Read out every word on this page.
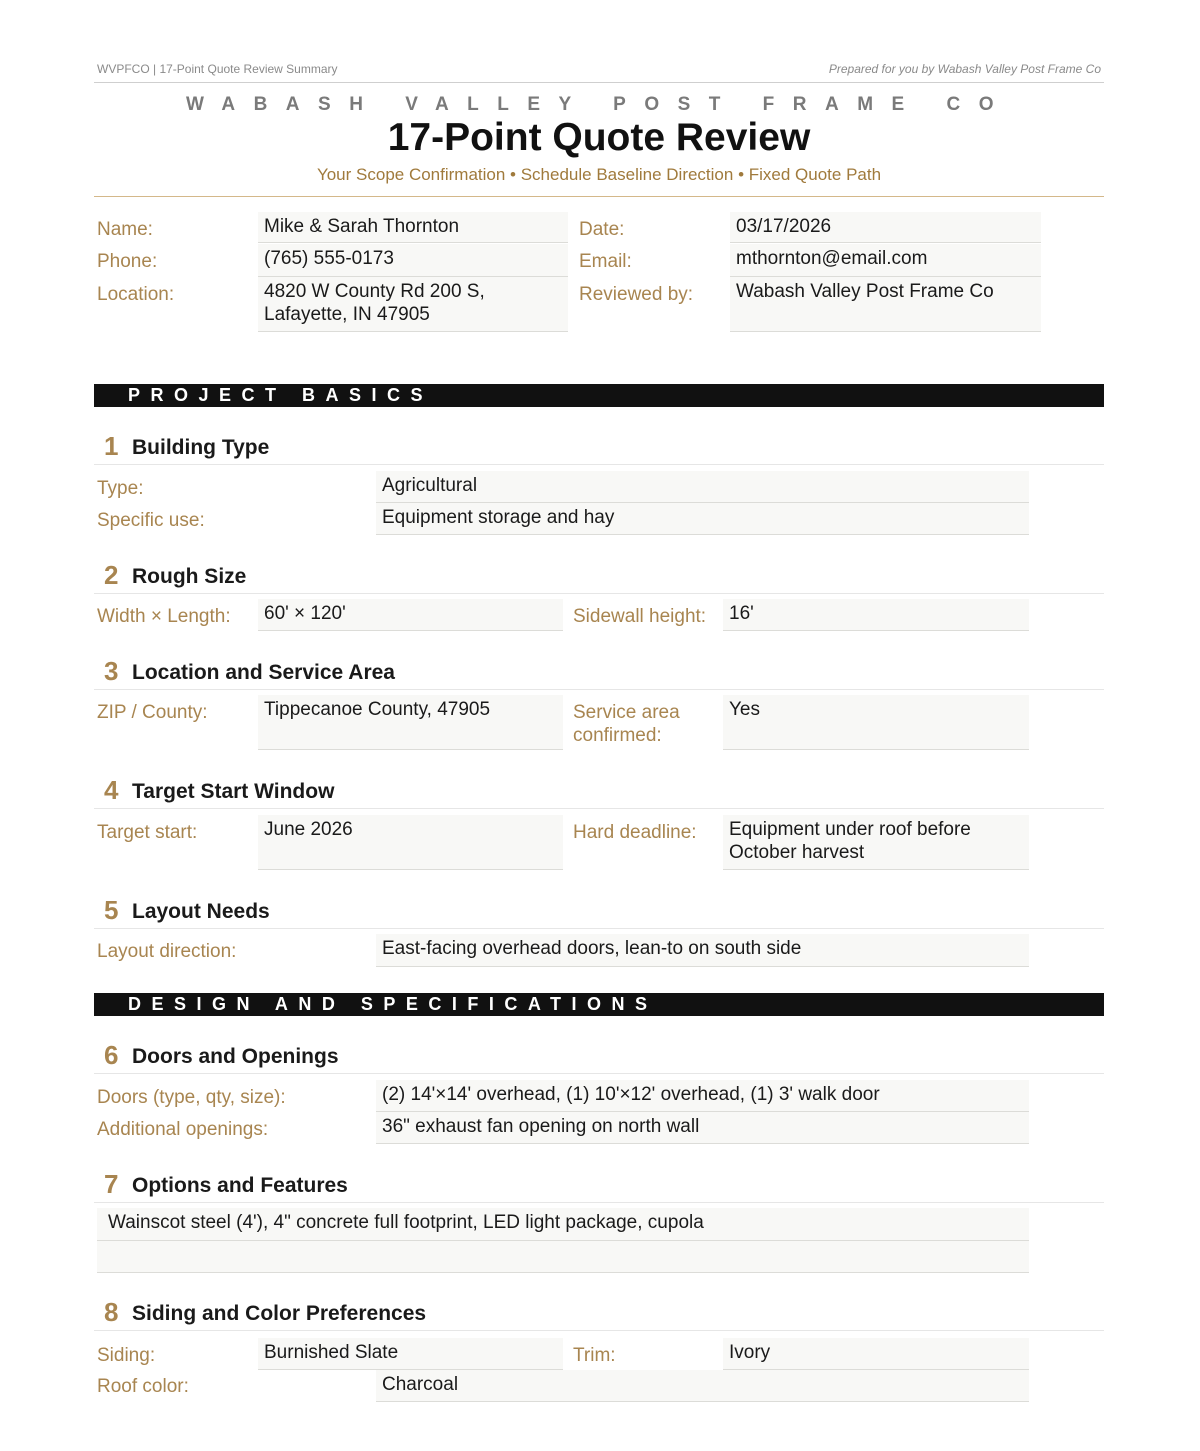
WVPFCO | 17-Point Quote Review Summary	Prepared for you by Wabash Valley Post Frame Co
WABASH VALLEY POST FRAME CO
17-Point Quote Review
Your Scope Confirmation • Schedule Baseline Direction • Fixed Quote Path
Name:	Mike & Sarah Thornton	Date:	03/17/2026
Phone:	(765) 555-0173	Email:	mthornton@email.com
Location:	4820 W County Rd 200 S,
Lafayette, IN 47905
Reviewed by:	Wabash Valley Post Frame Co
PROJECT BASICS
1 Building Type
Type:	Agricultural
Specific use:	Equipment storage and hay
2 Rough Size
Width × Length:	60' × 120'	Sidewall height:	16'
3 Location and Service Area
ZIP / County:	Tippecanoe County, 47905	Service area
confirmed:
Yes
4 Target Start Window
Target start:	June 2026	Hard deadline: Equipment under roof before
October harvest
5 Layout Needs
Layout direction:	East-facing overhead doors, lean-to on south side
DESIGN AND SPECIFICATIONS
6 Doors and Openings
Doors (type, qty, size):	(2) 14'×14' overhead, (1) 10'×12' overhead, (1) 3' walk door
Additional openings:	36" exhaust fan opening on north wall
7 Options and Features
Wainscot steel (4'), 4" concrete full footprint, LED light package, cupola
8 Siding and Color Preferences
Siding:	Burnished Slate	Trim:	Ivory
Roof color:	Charcoal
